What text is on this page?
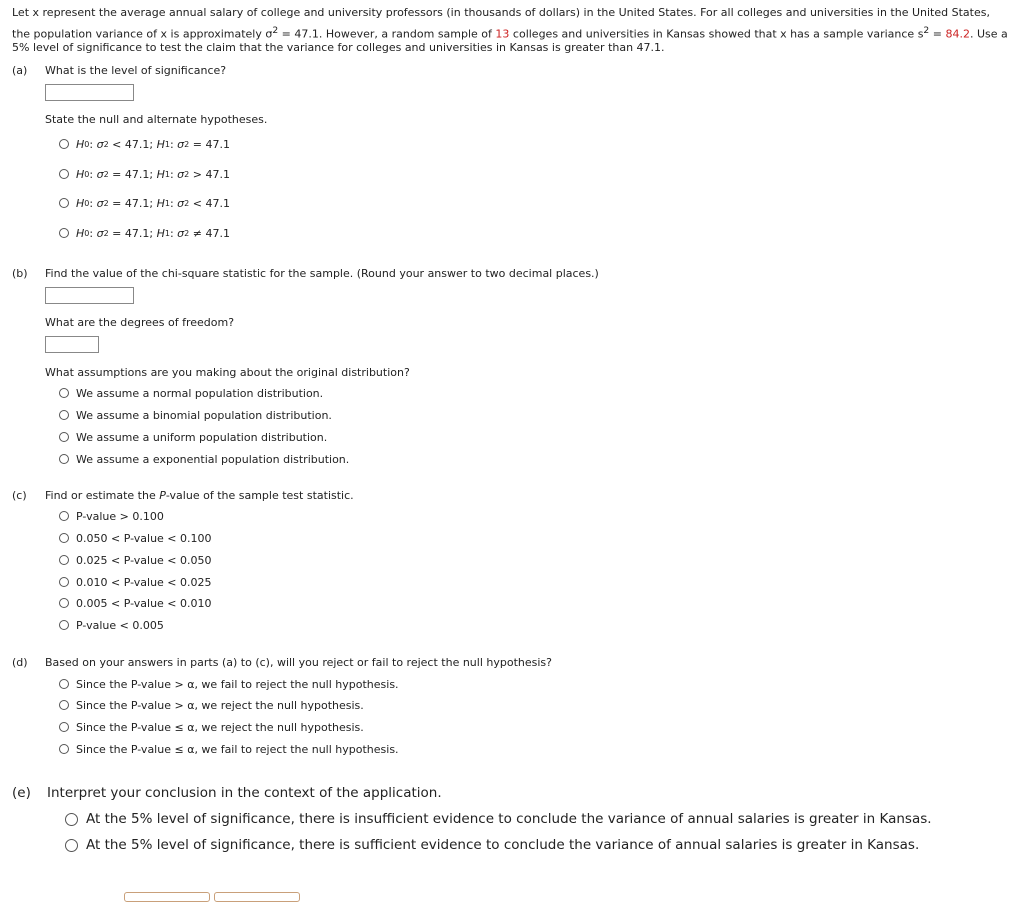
Let x represent the average annual salary of college and university professors (in thousands of dollars) in the United States. For all colleges and universities in the United States,
the population variance of x is approximately $\sigma^2 = 47.1$. However, a random sample of 13 colleges and universities in Kansas showed that x has a sample variance $s^2 = 84.2$. Use a
5% level of significance to test the claim that the variance for colleges and universities in Kansas is greater than 47.1.
(a) What is the level of significance?
State the null and alternate hypotheses.
H 0 : σ 2
< 47.1;
H 1 : σ 2
= 47.1
H 0 : σ 2
= 47.1;
H 1 : σ 2
> 47.1
H 0 : σ 2
= 47.1;
H 1 : σ 2
< 47.1
H 0 : σ 2
= 47.1;
H 1 : σ 2
≠ 47.1
(b) Find the value of the chi-square statistic for the sample. (Round your answer to two decimal places.)
What are the degrees of freedom?
What assumptions are you making about the original distribution?
We assume a normal population distribution.
We assume a binomial population distribution.
We assume a uniform population distribution.
We assume a exponential population distribution.
(c) Find or estimate the P-value of the sample test statistic.
P-value > 0.100
0.050 < P-value < 0.100
0.025 < P-value < 0.050
0.010 < P-value < 0.025
0.005 < P-value < 0.010
P-value < 0.005
(d) Based on your answers in parts (a) to (c), will you reject or fail to reject the null hypothesis?
Since the P-value > α, we fail to reject the null hypothesis.
Since the P-value > α, we reject the null hypothesis.
Since the P-value ≤ α, we reject the null hypothesis.
Since the P-value ≤ α, we fail to reject the null hypothesis.
(e) Interpret your conclusion in the context of the application.
At the 5% level of significance, there is insufficient evidence to conclude the variance of annual salaries is greater in Kansas.
At the 5% level of significance, there is sufficient evidence to conclude the variance of annual salaries is greater in Kansas.
